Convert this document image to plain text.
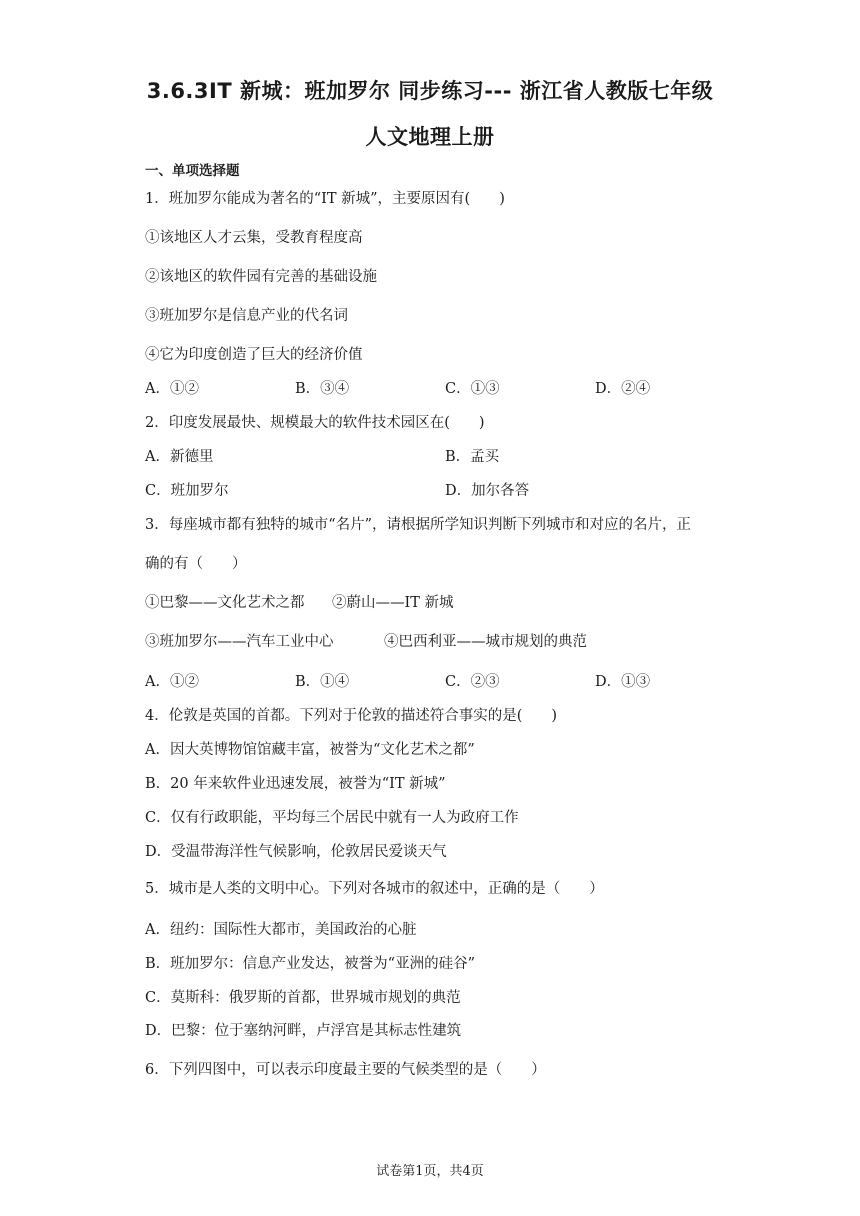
3.6.3IT 新城：班加罗尔 同步练习--- 浙江省人教版七年级
人文地理上册
一、单项选择题
1．班加罗尔能成为著名的“IT 新城”，主要原因有(　　)
①该地区人才云集，受教育程度高
②该地区的软件园有完善的基础设施
③班加罗尔是信息产业的代名词
④它为印度创造了巨大的经济价值
A．①②	B．③④	C．①③	D．②④
2．印度发展最快、规模最大的软件技术园区在(　　)
A．新德里	B．孟买
C．班加罗尔	D．加尔各答
3．每座城市都有独特的城市“名片”，请根据所学知识判断下列城市和对应的名片，正
确的有（　　）
①巴黎——文化艺术之都 ②蔚山——IT 新城
③班加罗尔——汽车工业中心	④巴西利亚——城市规划的典范
A．①②	B．①④	C．②③	D．①③
4．伦敦是英国的首都。下列对于伦敦的描述符合事实的是(　　)
A．因大英博物馆馆藏丰富，被誉为“文化艺术之都”
B．20 年来软件业迅速发展，被誉为“IT 新城”
C．仅有行政职能，平均每三个居民中就有一人为政府工作
D．受温带海洋性气候影响，伦敦居民爱谈天气
5．城市是人类的文明中心。下列对各城市的叙述中，正确的是（　　）
A．纽约：国际性大都市，美国政治的心脏
B．班加罗尔：信息产业发达，被誉为“亚洲的硅谷”
C．莫斯科：俄罗斯的首都，世界城市规划的典范
D．巴黎：位于塞纳河畔，卢浮宫是其标志性建筑
6．下列四图中，可以表示印度最主要的气候类型的是（　　）
试卷第1页，共4页
